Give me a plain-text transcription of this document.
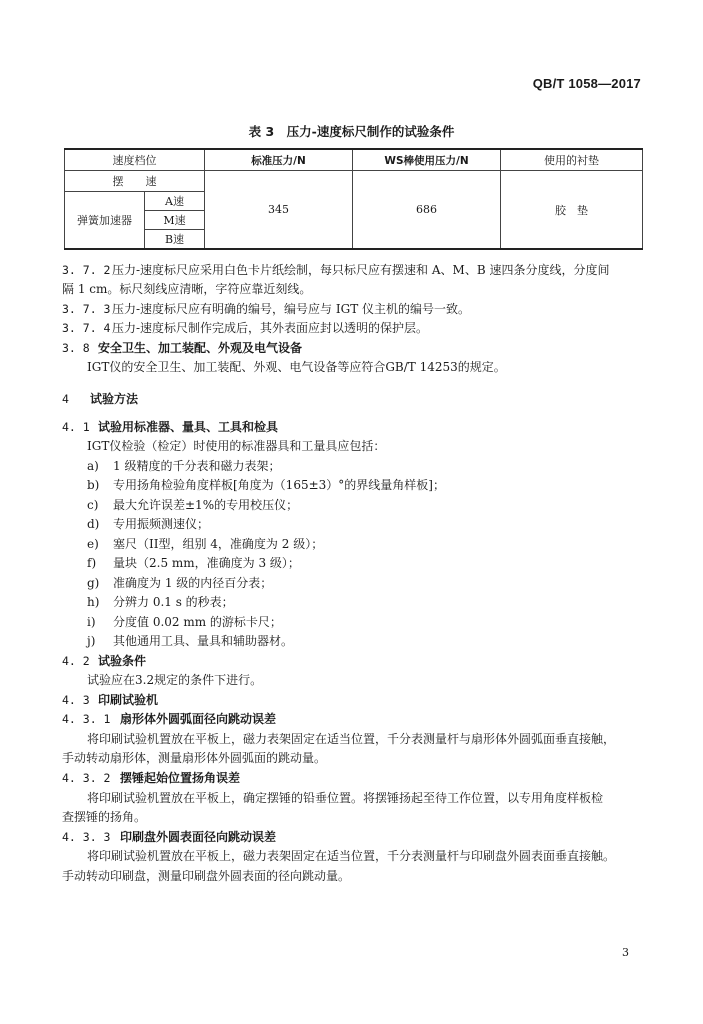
QB/T 1058—2017
表 3　压力-速度标尺制作的试验条件
速度档位		标准压力/N	WS棒使用压力/N	使用的衬垫
摆　　速		345	686	胶　垫
弹簧加速器	A速			
	M速			
	B速			
3. 7. 2 压力-速度标尺应采用白色卡片纸绘制，每只标尺应有摆速和 A、M、B 速四条分度线，分度间
隔 1 cm。标尺刻线应清晰，字符应靠近刻线。
3. 7. 3 压力-速度标尺应有明确的编号，编号应与 IGT 仪主机的编号一致。
3. 7. 4 压力-速度标尺制作完成后，其外表面应封以透明的保护层。
3. 8 安全卫生、加工装配、外观及电气设备
IGT仪的安全卫生、加工装配、外观、电气设备等应符合GB/T 14253的规定。
4 试验方法
4. 1 试验用标准器、量具、工具和检具
IGT仪检验（检定）时使用的标准器具和工量具应包括：
a) 1 级精度的千分表和磁力表架；
b) 专用扬角检验角度样板[角度为（165±3）°的界线量角样板]；
c) 最大允许误差±1%的专用校压仪；
d) 专用振频测速仪；
e) 塞尺（II型，组别 4，准确度为 2 级）；
f) 量块（2.5 mm，准确度为 3 级）；
g) 准确度为 1 级的内径百分表；
h) 分辨力 0.1 s 的秒表；
i) 分度值 0.02 mm 的游标卡尺；
j) 其他通用工具、量具和辅助器材。
4. 2 试验条件
试验应在3.2规定的条件下进行。
4. 3 印刷试验机
4. 3. 1 扇形体外圆弧面径向跳动误差
将印刷试验机置放在平板上，磁力表架固定在适当位置，千分表测量杆与扇形体外圆弧面垂直接触，
手动转动扇形体，测量扇形体外圆弧面的跳动量。
4. 3. 2 摆锤起始位置扬角误差
将印刷试验机置放在平板上，确定摆锤的铅垂位置。将摆锤扬起至待工作位置，以专用角度样板检
查摆锤的扬角。
4. 3. 3 印刷盘外圆表面径向跳动误差
将印刷试验机置放在平板上，磁力表架固定在适当位置，千分表测量杆与印刷盘外圆表面垂直接触。
手动转动印刷盘，测量印刷盘外圆表面的径向跳动量。
3
